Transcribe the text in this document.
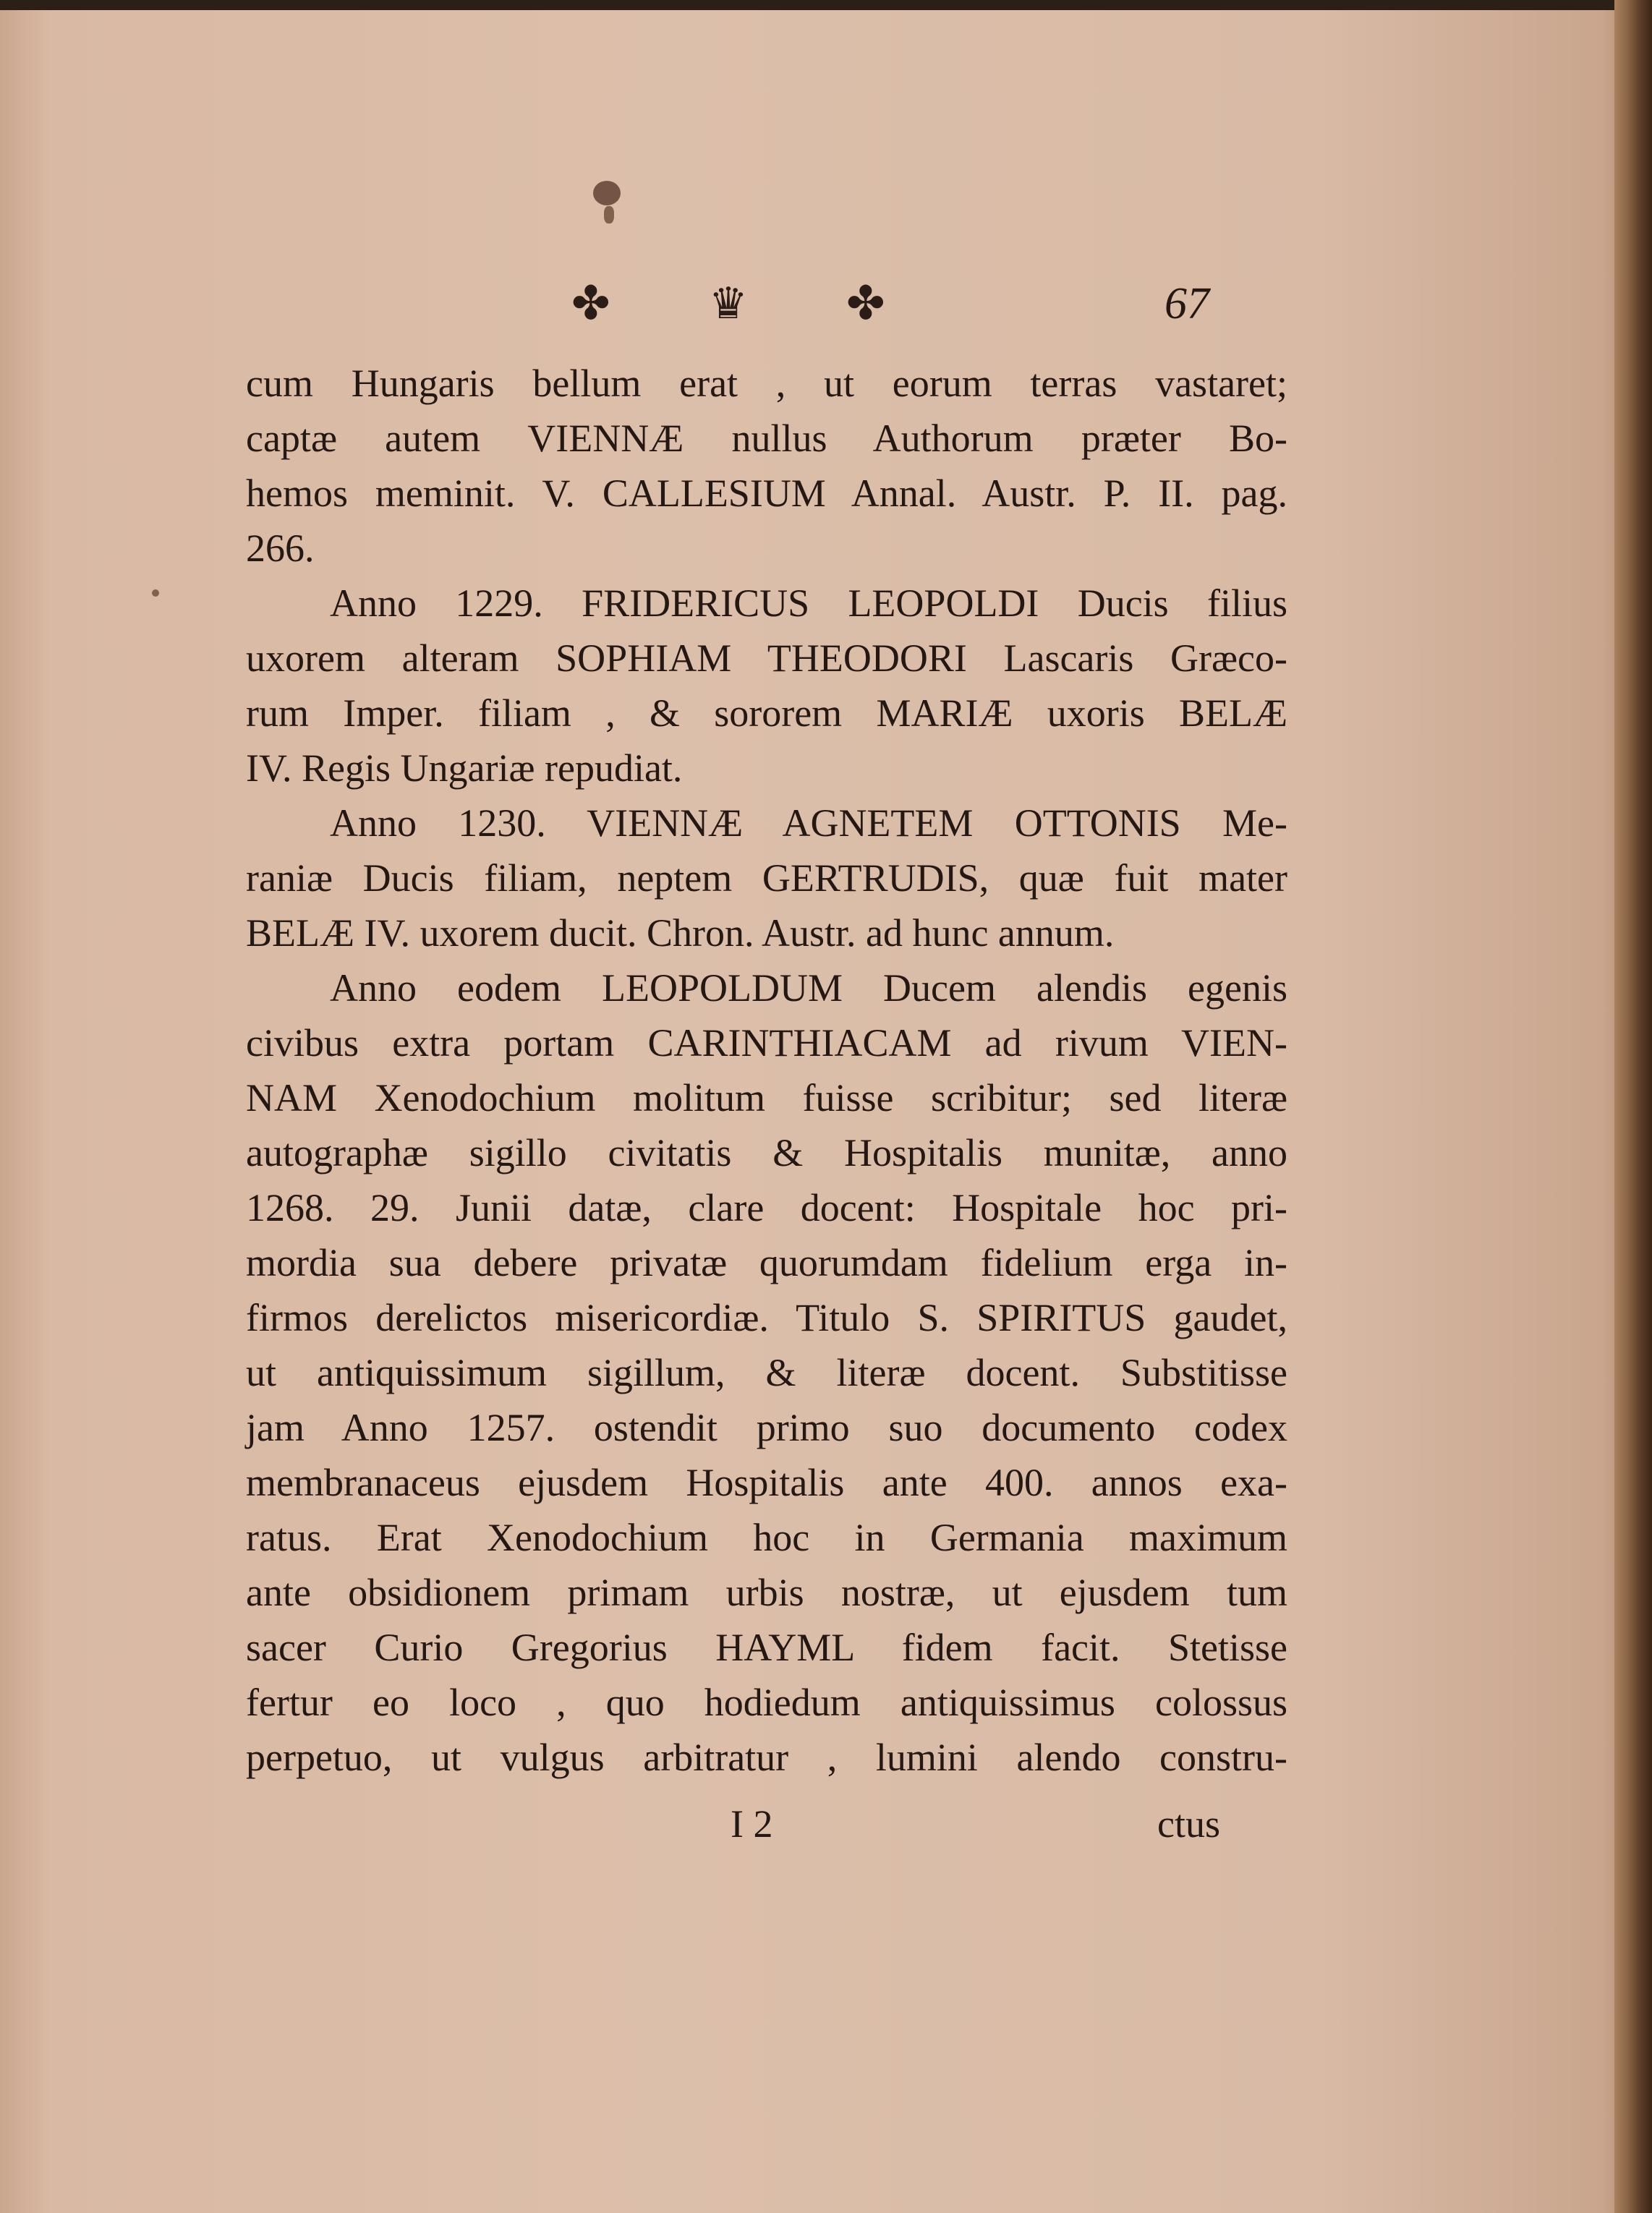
✤ ♛ ✤	67
cum Hungaris bellum erat , ut eorum terras vastaret;
captæ autem VIENNÆ nullus Authorum præter Bo-
hemos meminit. V. CALLESIUM Annal. Austr. P. II. pag.
266.
Anno 1229. FRIDERICUS LEOPOLDI Ducis filius
uxorem alteram SOPHIAM THEODORI Lascaris Græco-
rum Imper. filiam , & sororem MARIÆ uxoris BELÆ
IV. Regis Ungariæ repudiat.
Anno 1230. VIENNÆ AGNETEM OTTONIS Me-
raniæ Ducis filiam, neptem GERTRUDIS, quæ fuit mater
BELÆ IV. uxorem ducit. Chron. Austr. ad hunc annum.
Anno eodem LEOPOLDUM Ducem alendis egenis
civibus extra portam CARINTHIACAM ad rivum VIEN-
NAM Xenodochium molitum fuisse scribitur; sed literæ
autographæ sigillo civitatis & Hospitalis munitæ, anno
1268. 29. Junii datæ, clare docent: Hospitale hoc pri-
mordia sua debere privatæ quorumdam fidelium erga in-
firmos derelictos misericordiæ. Titulo S. SPIRITUS gaudet,
ut antiquissimum sigillum, & literæ docent. Substitisse
jam Anno 1257. ostendit primo suo documento codex
membranaceus ejusdem Hospitalis ante 400. annos exa-
ratus. Erat Xenodochium hoc in Germania maximum
ante obsidionem primam urbis nostræ, ut ejusdem tum
sacer Curio Gregorius HAYML fidem facit. Stetisse
fertur eo loco , quo hodiedum antiquissimus colossus
perpetuo, ut vulgus arbitratur , lumini alendo constru-
I 2	ctus
